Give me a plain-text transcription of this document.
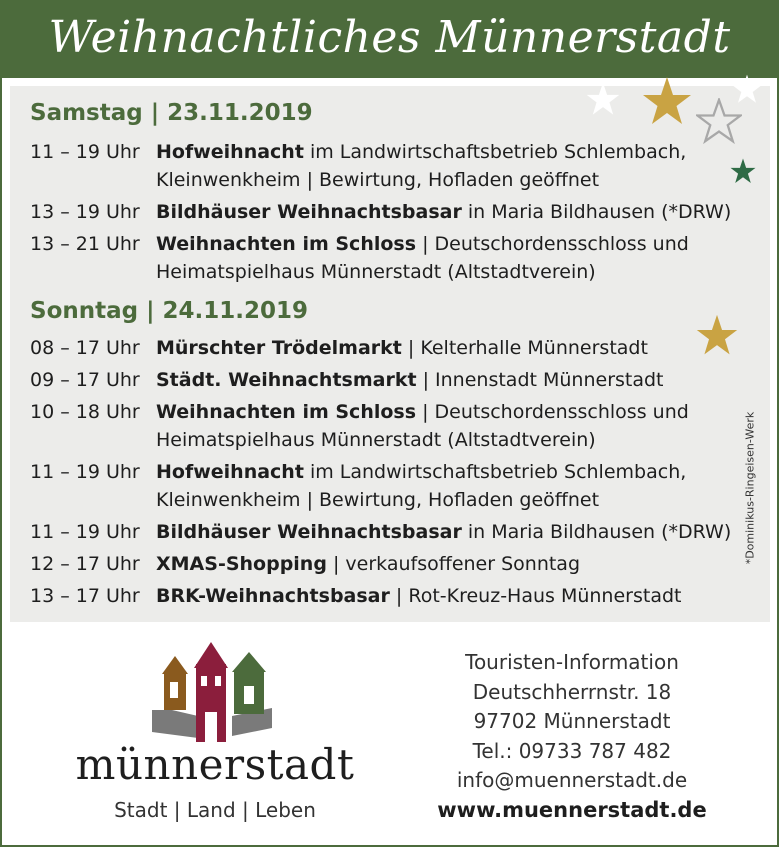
Weihnachtliches Münnerstadt
Samstag | 23.11.2019
11 – 19 Uhr Hofweihnacht im Landwirtschaftsbetrieb Schlembach,
Kleinwenkheim | Bewirtung, Hofladen geöffnet
13 – 19 Uhr Bildhäuser Weihnachtsbasar in Maria Bildhausen (*DRW)
13 – 21 Uhr Weihnachten im Schloss | Deutschordensschloss und
Heimatspielhaus Münnerstadt (Altstadtverein)
Sonntag | 24.11.2019
08 – 17 Uhr Mürschter Trödelmarkt | Kelterhalle Münnerstadt
09 – 17 Uhr Städt. Weihnachtsmarkt | Innenstadt Münnerstadt
10 – 18 Uhr Weihnachten im Schloss | Deutschordensschloss und
Heimatspielhaus Münnerstadt (Altstadtverein)
11 – 19 Uhr Hofweihnacht im Landwirtschaftsbetrieb Schlembach,
Kleinwenkheim | Bewirtung, Hofladen geöffnet
11 – 19 Uhr Bildhäuser Weihnachtsbasar in Maria Bildhausen (*DRW)
12 – 17 Uhr XMAS-Shopping | verkaufsoffener Sonntag
13 – 17 Uhr BRK-Weihnachtsbasar | Rot-Kreuz-Haus Münnerstadt
*Dominikus-Ringeisen-Werk
münnerstadt
Stadt | Land | Leben
Touristen-Information
Deutschherrnstr. 18
97702 Münnerstadt
Tel.: 09733 787 482
info@muennerstadt.de
www.muennerstadt.de
